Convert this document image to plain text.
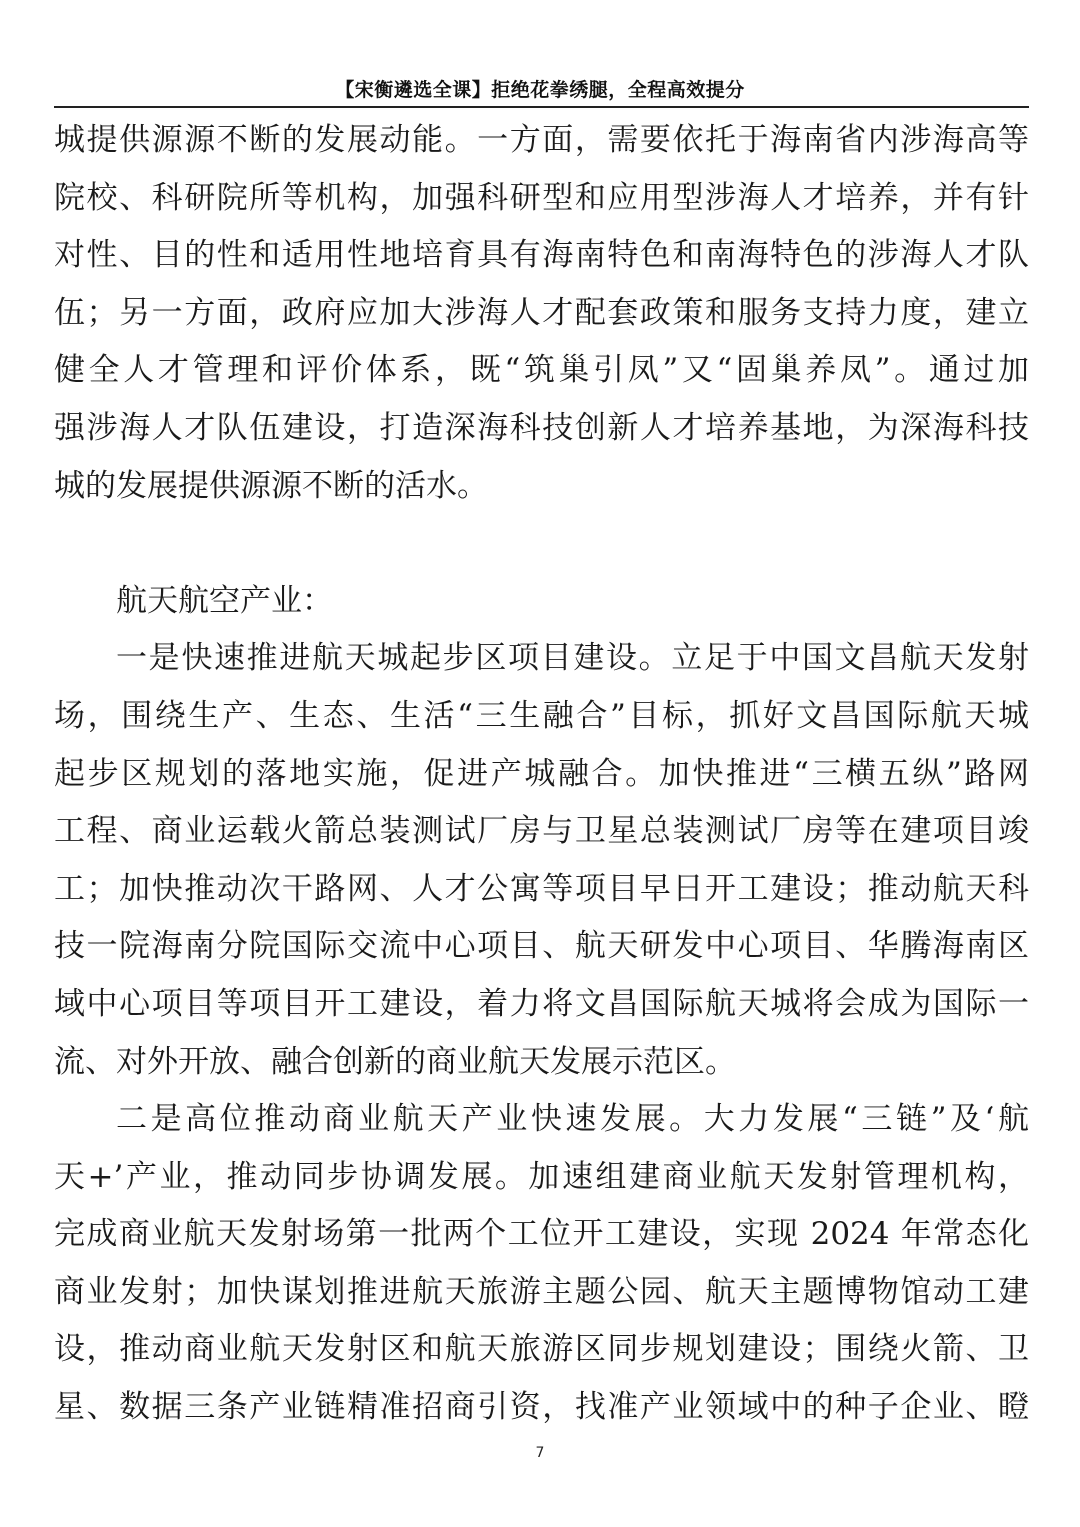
【宋衡遴选全课】拒绝花拳绣腿，全程高效提分
城提供源源不断的发展动能。一方面，需要依托于海南省内涉海高等
院校、科研院所等机构，加强科研型和应用型涉海人才培养，并有针
对性、目的性和适用性地培育具有海南特色和南海特色的涉海人才队
伍；另一方面，政府应加大涉海人才配套政策和服务支持力度，建立
健全人才管理和评价体系，既“筑巢引凤”又“固巢养凤”。通过加
强涉海人才队伍建设，打造深海科技创新人才培养基地，为深海科技
城的发展提供源源不断的活水。
航天航空产业：
一是快速推进航天城起步区项目建设。立足于中国文昌航天发射
场，围绕生产、生态、生活“三生融合”目标，抓好文昌国际航天城
起步区规划的落地实施，促进产城融合。加快推进“三横五纵”路网
工程、商业运载火箭总装测试厂房与卫星总装测试厂房等在建项目竣
工；加快推动次干路网、人才公寓等项目早日开工建设；推动航天科
技一院海南分院国际交流中心项目、航天研发中心项目、华腾海南区
域中心项目等项目开工建设，着力将文昌国际航天城将会成为国际一
流、对外开放、融合创新的商业航天发展示范区。
二是高位推动商业航天产业快速发展。大力发展“三链”及‘航
天+’产业，推动同步协调发展。加速组建商业航天发射管理机构，
完成商业航天发射场第一批两个工位开工建设，实现 2024 年常态化
商业发射；加快谋划推进航天旅游主题公园、航天主题博物馆动工建
设，推动商业航天发射区和航天旅游区同步规划建设；围绕火箭、卫
星、数据三条产业链精准招商引资，找准产业领域中的种子企业、瞪
7
